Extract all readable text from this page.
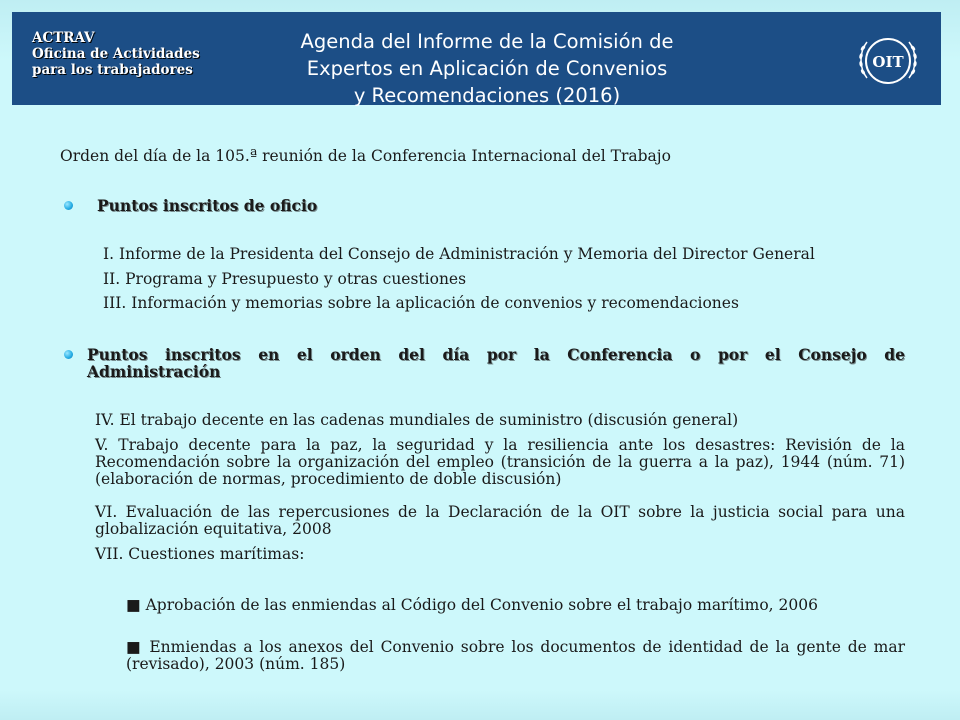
ACTRAV
Oficina de Actividades
para los trabajadores
Agenda del Informe de la Comisión de
Expertos en Aplicación de Convenios
y Recomendaciones (2016)
OIT
Orden del día de la 105.ª reunión de la Conferencia Internacional del Trabajo
Puntos inscritos de oficio
I. Informe de la Presidenta del Consejo de Administración y Memoria del Director General
II. Programa y Presupuesto y otras cuestiones
III. Información y memorias sobre la aplicación de convenios y recomendaciones
Puntos inscritos en el orden del día por la Conferencia o por el Consejo de
Administración
IV. El trabajo decente en las cadenas mundiales de suministro (discusión general)
V. Trabajo decente para la paz, la seguridad y la resiliencia ante los desastres: Revisión de la Recomendación sobre la organización del empleo (transición de la guerra a la paz), 1944 (núm. 71) (elaboración de normas, procedimiento de doble discusión)
VI. Evaluación de las repercusiones de la Declaración de la OIT sobre la justicia social para una globalización equitativa, 2008
VII. Cuestiones marítimas:
■ Aprobación de las enmiendas al Código del Convenio sobre el trabajo marítimo, 2006
■ Enmiendas a los anexos del Convenio sobre los documentos de identidad de la gente de mar (revisado), 2003 (núm. 185)
